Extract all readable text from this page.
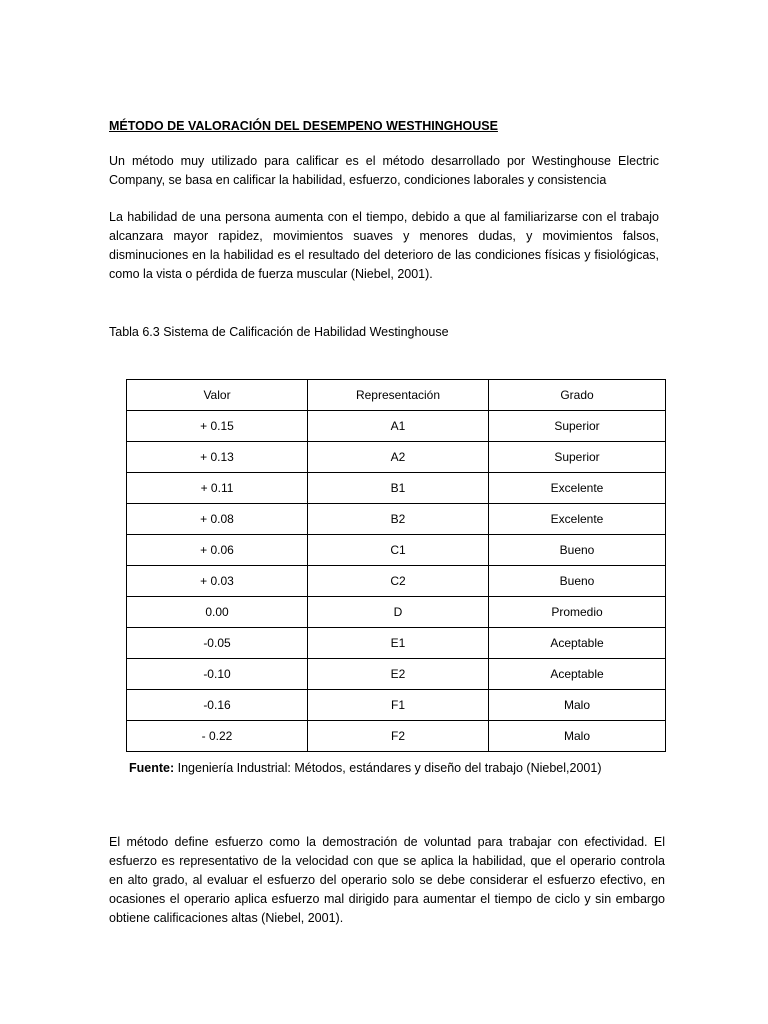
MÉTODO DE VALORACIÓN DEL DESEMPENO WESTHINGHOUSE
Un método muy utilizado para calificar es el método desarrollado por Westinghouse Electric Company, se basa en calificar la habilidad, esfuerzo, condiciones laborales y consistencia
La habilidad de una persona aumenta con el tiempo, debido a que al familiarizarse con el trabajo alcanzara mayor rapidez, movimientos suaves y menores dudas, y movimientos falsos, disminuciones en la habilidad es el resultado del deterioro de las condiciones físicas y fisiológicas, como la vista o pérdida de fuerza muscular (Niebel, 2001).
Tabla 6.3 Sistema de Calificación de Habilidad Westinghouse
Valor	Representación	Grado
+ 0.15	A1	Superior
+ 0.13	A2	Superior
+ 0.11	B1	Excelente
+ 0.08	B2	Excelente
+ 0.06	C1	Bueno
+ 0.03	C2	Bueno
0.00	D	Promedio
-0.05	E1	Aceptable
-0.10	E2	Aceptable
-0.16	F1	Malo
- 0.22	F2	Malo
Fuente: Ingeniería Industrial: Métodos, estándares y diseño del trabajo (Niebel,2001)
El método define esfuerzo como la demostración de voluntad para trabajar con efectividad. El esfuerzo es representativo de la velocidad con que se aplica la habilidad, que el operario controla en alto grado, al evaluar el esfuerzo del operario solo se debe considerar el esfuerzo efectivo, en ocasiones el operario aplica esfuerzo mal dirigido para aumentar el tiempo de ciclo y sin embargo obtiene calificaciones altas (Niebel, 2001).
